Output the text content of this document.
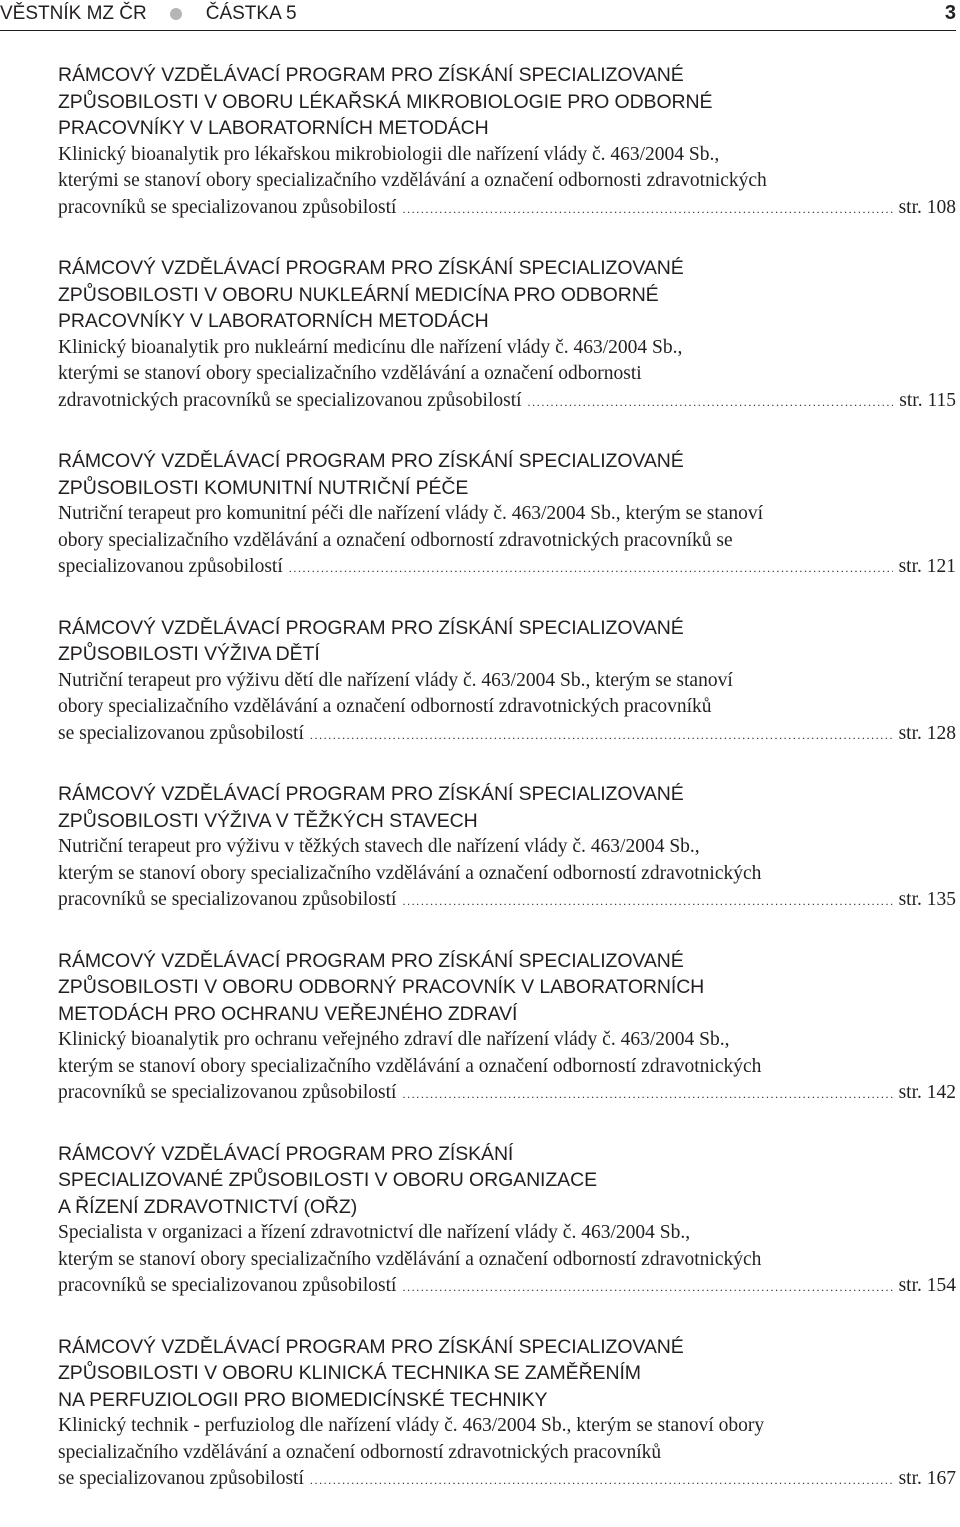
VĚSTNÍK MZ ČR	ČÁSTKA 5	3
RÁMCOVÝ VZDĚLÁVACÍ PROGRAM PRO ZÍSKÁNÍ SPECIALIZOVANÉ
ZPŮSOBILOSTI V OBORU LÉKAŘSKÁ MIKROBIOLOGIE PRO ODBORNÉ
PRACOVNÍKY V LABORATORNÍCH METODÁCH
Klinický bioanalytik pro lékařskou mikrobiologii dle nařízení vlády č. 463/2004 Sb.,
kterými se stanoví obory specializačního vzdělávání a označení odbornosti zdravotnických
pracovníků se specializovanou způsobilostí .....	str. 108
RÁMCOVÝ VZDĚLÁVACÍ PROGRAM PRO ZÍSKÁNÍ SPECIALIZOVANÉ
ZPŮSOBILOSTI V OBORU NUKLEÁRNÍ MEDICÍNA PRO ODBORNÉ
PRACOVNÍKY V LABORATORNÍCH METODÁCH
Klinický bioanalytik pro nukleární medicínu dle nařízení vlády č. 463/2004 Sb.,
kterými se stanoví obory specializačního vzdělávání a označení odbornosti
zdravotnických pracovníků se specializovanou způsobilostí .....	str. 115
RÁMCOVÝ VZDĚLÁVACÍ PROGRAM PRO ZÍSKÁNÍ SPECIALIZOVANÉ
ZPŮSOBILOSTI KOMUNITNÍ NUTRIČNÍ PÉČE
Nutriční terapeut pro komunitní péči dle nařízení vlády č. 463/2004 Sb., kterým se stanoví
obory specializačního vzdělávání a označení odborností zdravotnických pracovníků se
specializovanou způsobilostí .....	str. 121
RÁMCOVÝ VZDĚLÁVACÍ PROGRAM PRO ZÍSKÁNÍ SPECIALIZOVANÉ
ZPŮSOBILOSTI VÝŽIVA DĚTÍ
Nutriční terapeut pro výživu dětí dle nařízení vlády č. 463/2004 Sb., kterým se stanoví
obory specializačního vzdělávání a označení odborností zdravotnických pracovníků
se specializovanou způsobilostí .....	str. 128
RÁMCOVÝ VZDĚLÁVACÍ PROGRAM PRO ZÍSKÁNÍ SPECIALIZOVANÉ
ZPŮSOBILOSTI VÝŽIVA V TĚŽKÝCH STAVECH
Nutriční terapeut pro výživu v těžkých stavech dle nařízení vlády č. 463/2004 Sb.,
kterým se stanoví obory specializačního vzdělávání a označení odborností zdravotnických
pracovníků se specializovanou způsobilostí .....	str. 135
RÁMCOVÝ VZDĚLÁVACÍ PROGRAM PRO ZÍSKÁNÍ SPECIALIZOVANÉ
ZPŮSOBILOSTI V OBORU ODBORNÝ PRACOVNÍK V LABORATORNÍCH
METODÁCH PRO OCHRANU VEŘEJNÉHO ZDRAVÍ
Klinický bioanalytik pro ochranu veřejného zdraví dle nařízení vlády č. 463/2004 Sb.,
kterým se stanoví obory specializačního vzdělávání a označení odborností zdravotnických
pracovníků se specializovanou způsobilostí .....	str. 142
RÁMCOVÝ VZDĚLÁVACÍ PROGRAM PRO ZÍSKÁNÍ
SPECIALIZOVANÉ ZPŮSOBILOSTI V OBORU ORGANIZACE
A ŘÍZENÍ ZDRAVOTNICTVÍ (OŘZ)
Specialista v organizaci a řízení zdravotnictví dle nařízení vlády č. 463/2004 Sb.,
kterým se stanoví obory specializačního vzdělávání a označení odborností zdravotnických
pracovníků se specializovanou způsobilostí .....	str. 154
RÁMCOVÝ VZDĚLÁVACÍ PROGRAM PRO ZÍSKÁNÍ SPECIALIZOVANÉ
ZPŮSOBILOSTI V OBORU KLINICKÁ TECHNIKA SE ZAMĚŘENÍM
NA PERFUZIOLOGII PRO BIOMEDICÍNSKÉ TECHNIKY
Klinický technik - perfuziolog dle nařízení vlády č. 463/2004 Sb., kterým se stanoví obory
specializačního vzdělávání a označení odborností zdravotnických pracovníků
se specializovanou způsobilostí .....	str. 167
